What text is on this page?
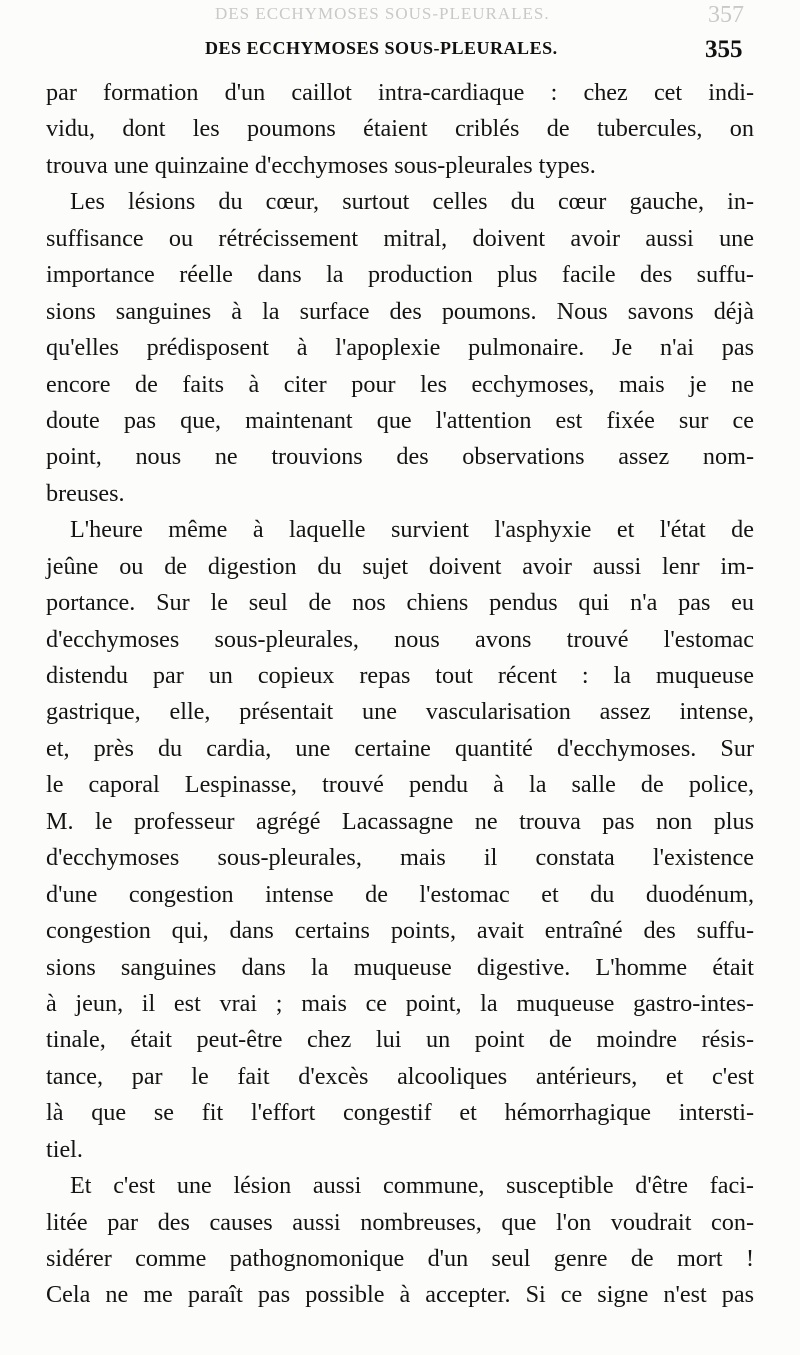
DES ECCHYMOSES SOUS-PLEURALES.	357
DES ECCHYMOSES SOUS-PLEURALES.	355
par formation d'un caillot intra-cardiaque : chez cet indi-
vidu, dont les poumons étaient criblés de tubercules, on
trouva une quinzaine d'ecchymoses sous-pleurales types.
Les lésions du cœur, surtout celles du cœur gauche, in-
suffisance ou rétrécissement mitral, doivent avoir aussi une
importance réelle dans la production plus facile des suffu-
sions sanguines à la surface des poumons. Nous savons déjà
qu'elles prédisposent à l'apoplexie pulmonaire. Je n'ai pas
encore de faits à citer pour les ecchymoses, mais je ne
doute pas que, maintenant que l'attention est fixée sur ce
point, nous ne trouvions des observations assez nom-
breuses.
L'heure même à laquelle survient l'asphyxie et l'état de
jeûne ou de digestion du sujet doivent avoir aussi lenr im-
portance. Sur le seul de nos chiens pendus qui n'a pas eu
d'ecchymoses sous-pleurales, nous avons trouvé l'estomac
distendu par un copieux repas tout récent : la muqueuse
gastrique, elle, présentait une vascularisation assez intense,
et, près du cardia, une certaine quantité d'ecchymoses. Sur
le caporal Lespinasse, trouvé pendu à la salle de police,
M. le professeur agrégé Lacassagne ne trouva pas non plus
d'ecchymoses sous-pleurales, mais il constata l'existence
d'une congestion intense de l'estomac et du duodénum,
congestion qui, dans certains points, avait entraîné des suffu-
sions sanguines dans la muqueuse digestive. L'homme était
à jeun, il est vrai ; mais ce point, la muqueuse gastro-intes-
tinale, était peut-être chez lui un point de moindre résis-
tance, par le fait d'excès alcooliques antérieurs, et c'est
là que se fit l'effort congestif et hémorrhagique intersti-
tiel.
Et c'est une lésion aussi commune, susceptible d'être faci-
litée par des causes aussi nombreuses, que l'on voudrait con-
sidérer comme pathognomonique d'un seul genre de mort !
Cela ne me paraît pas possible à accepter. Si ce signe n'est pas
